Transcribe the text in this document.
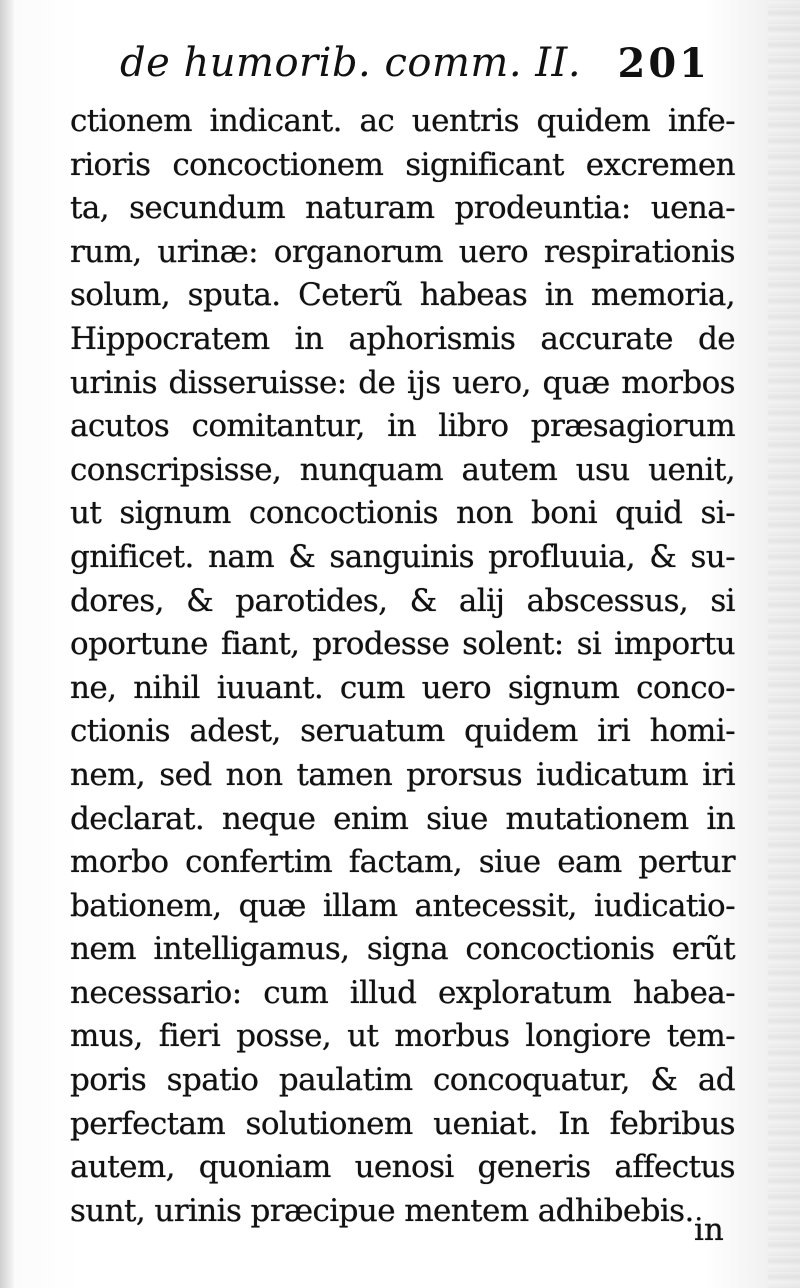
de humorib. comm. II. 201
ctionem indicant. ac uentris quidem infe-
rioris concoctionem significant excremen
ta, secundum naturam prodeuntia: uena-
rum, urinæ: organorum uero respirationis
solum, sputa. Ceterũ habeas in memoria,
Hippocratem in aphorismis accurate de
urinis disseruisse: de ijs uero, quæ morbos
acutos comitantur, in libro præsagiorum
conscripsisse, nunquam autem usu uenit,
ut signum concoctionis non boni quid si-
gnificet. nam & sanguinis profluuia, & su-
dores, & parotides, & alij abscessus, si
oportune fiant, prodesse solent: si importu
ne, nihil iuuant. cum uero signum conco-
ctionis adest, seruatum quidem iri homi-
nem, sed non tamen prorsus iudicatum iri
declarat. neque enim siue mutationem in
morbo confertim factam, siue eam pertur
bationem, quæ illam antecessit, iudicatio-
nem intelligamus, signa concoctionis erũt
necessario: cum illud exploratum habea-
mus, fieri posse, ut morbus longiore tem-
poris spatio paulatim concoquatur, & ad
perfectam solutionem ueniat. In febribus
autem, quoniam uenosi generis affectus
sunt, urinis præcipue mentem adhibebis.
in
